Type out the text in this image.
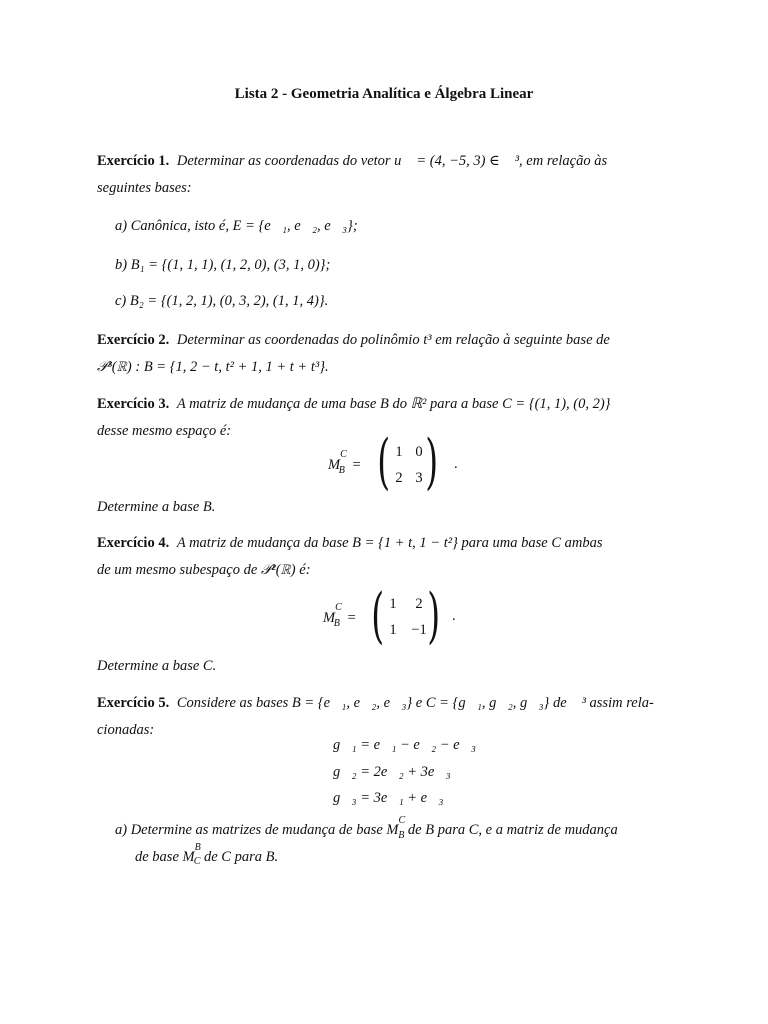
Lista 2 - Geometria Analítica e Álgebra Linear
Exercício 1. Determinar as coordenadas do vetor u⃗ = (4, −5, 3) ∈ ℝ³, em relação às
seguintes bases:
a) Canônica, isto é, E = {e⃗₁, e⃗₂, e⃗₃};
b) B₁ = {(1, 1, 1), (1, 2, 0), (3, 1, 0)};
c) B₂ = {(1, 2, 1), (0, 3, 2), (1, 1, 4)}.
Exercício 2. Determinar as coordenadas do polinômio t³ em relação à seguinte base de
𝒫³(ℝ) : B = {1, 2 − t, t² + 1, 1 + t + t³}.
Exercício 3. A matriz de mudança de uma base B do ℝ² para a base C = {(1, 1), (0, 2)}
desse mesmo espaço é:
$M^C_B$ = ( 1 0
2 3 ) .
Determine a base B.
Exercício 4. A matriz de mudança da base B = {1 + t, 1 − t²} para uma base C ambas
de um mesmo subespaço de 𝒫²(ℝ) é:
$M^C_B$ = ( 1	2
1	−1 ) .
Determine a base C.
Exercício 5. Considere as bases B = {e⃗₁, e⃗₂, e⃗₃} e C = {g⃗₁, g⃗₂, g⃗₃} de ℝ³ assim rela-
cionadas:
g⃗₁ = e⃗₁ − e⃗₂ − e⃗₃
g⃗₂ = 2e⃗₂ + 3e⃗₃
g⃗₃ = 3e⃗₁ + e⃗₃
a) Determine as matrizes de mudança de base $M^C_B$ de B para C, e a matriz de mudança
de base $M^B_C$ de C para B.
